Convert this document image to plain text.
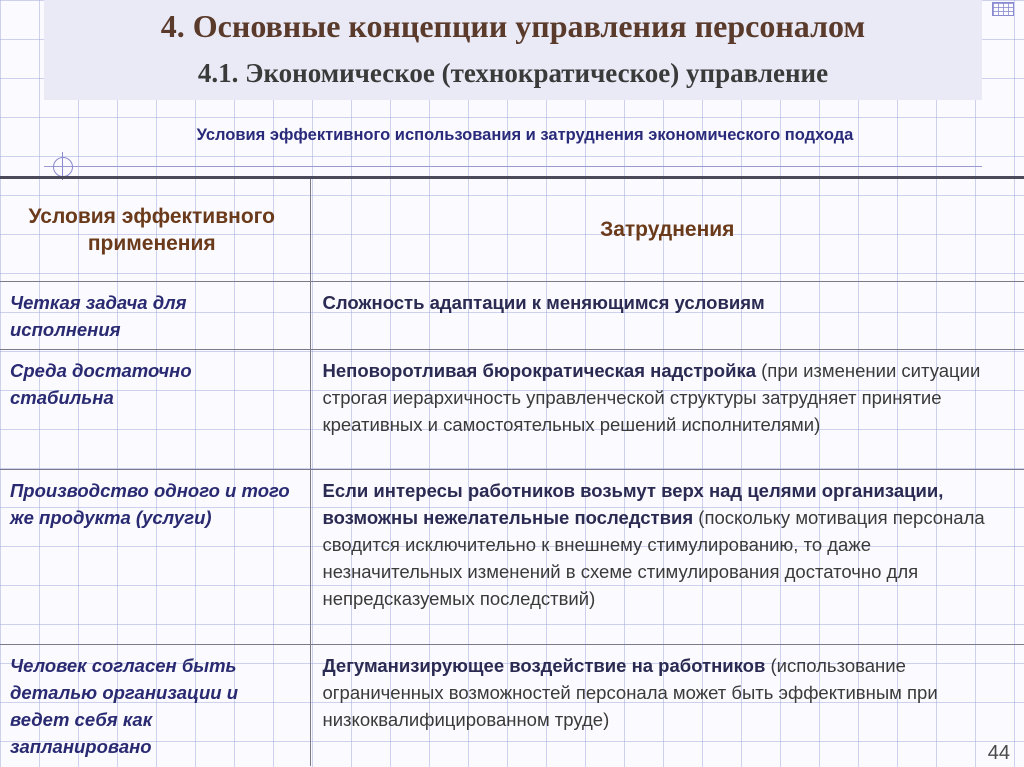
4. Основные концепции управления персоналом
4.1. Экономическое (технократическое) управление
Условия эффективного использования и затруднения экономического подхода
Условия эффективного применения	Затруднения
Четкая задача для исполнения	Сложность адаптации к меняющимся условиям
Среда достаточно стабильна	Неповоротливая бюрократическая надстройка (при изменении ситуации строгая иерархичность управленческой структуры затрудняет принятие креативных и самостоятельных решений исполнителями)
Производство одного и того же продукта (услуги)	Если интересы работников возьмут верх над целями организации, возможны нежелательные последствия (поскольку мотивация персонала сводится исключительно к внешнему стимулированию, то даже незначительных изменений в схеме стимулирования достаточно для непредсказуемых последствий)
Человек согласен быть деталью организации и ведет себя как запланировано	Дегуманизирующее воздействие на работников (использование ограниченных возможностей персонала может быть эффективным при низкоквалифицированном труде)
44
